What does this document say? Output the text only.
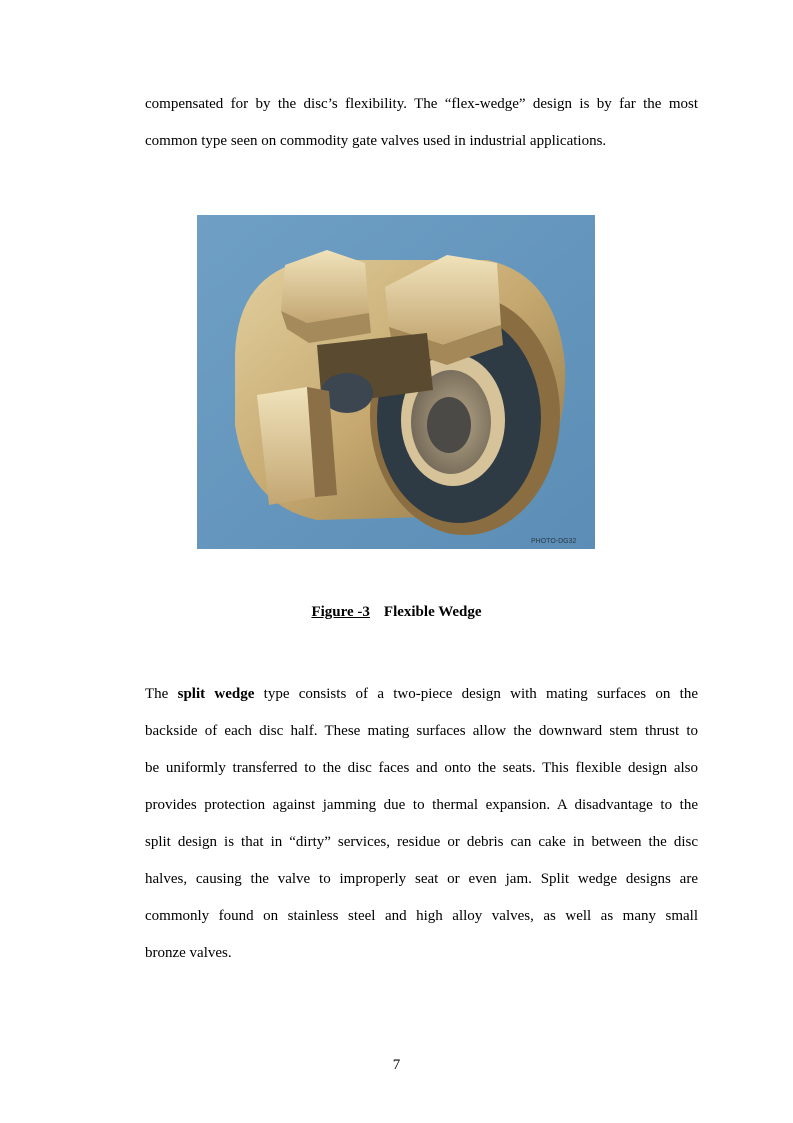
compensated for by the disc’s flexibility. The “flex-wedge” design is by far the most
common type seen on commodity gate valves used in industrial applications.
PHOTO-DG32
Figure -3 Flexible Wedge
The split wedge type consists of a two-piece design with mating surfaces on the
backside of each disc half. These mating surfaces allow the downward stem thrust to
be uniformly transferred to the disc faces and onto the seats. This flexible design also
provides protection against jamming due to thermal expansion. A disadvantage to the
split design is that in “dirty” services, residue or debris can cake in between the disc
halves, causing the valve to improperly seat or even jam. Split wedge designs are
commonly found on stainless steel and high alloy valves, as well as many small
bronze valves.
7
